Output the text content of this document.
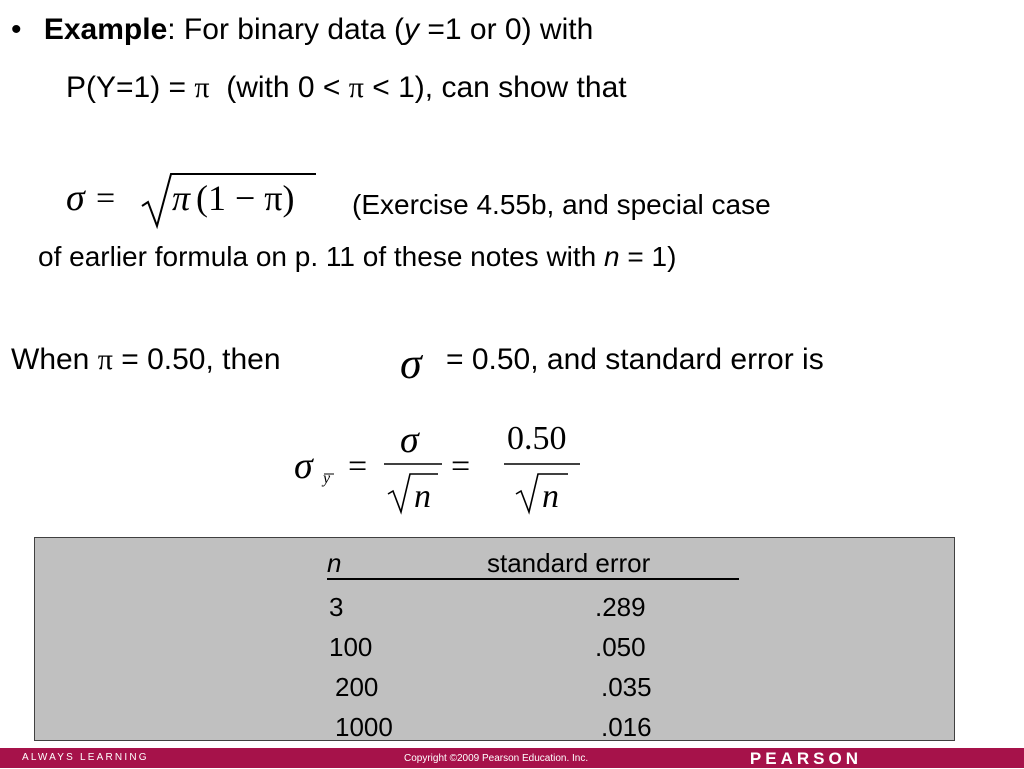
• Example: For binary data (y =1 or 0) with
P(Y=1) = π  (with 0 < π < 1), can show that
σ = π (1 − π) (Exercise 4.55b, and special case
of earlier formula on p. 11 of these notes with n = 1)
When π = 0.50, then	σ = 0.50, and standard error is
σ y =
σ
n
=
0.50
n
n	standard error
3	.289
100	.050
200	.035
1000	.016
ALWAYS LEARNING	Copyright ©2009 Pearson Education. Inc.	PEARSON
